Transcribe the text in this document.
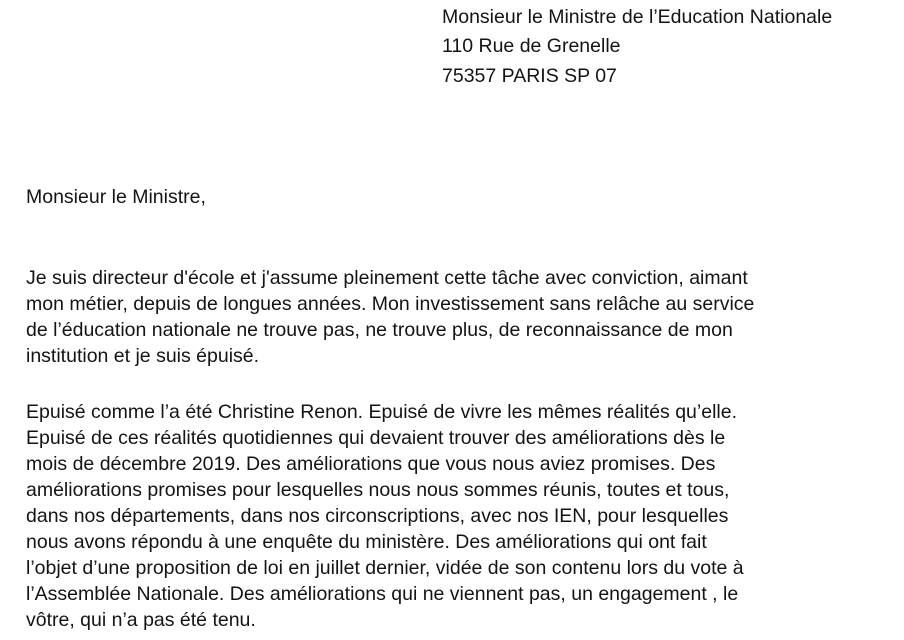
Monsieur le Ministre de l’Education Nationale
110 Rue de Grenelle
75357 PARIS SP 07
Monsieur le Ministre,
Je suis directeur d'école et j'assume pleinement cette tâche avec conviction, aimant
mon métier, depuis de longues années. Mon investissement sans relâche au service
de l’éducation nationale ne trouve pas, ne trouve plus, de reconnaissance de mon
institution et je suis épuisé.
Epuisé comme l’a été Christine Renon. Epuisé de vivre les mêmes réalités qu’elle.
Epuisé de ces réalités quotidiennes qui devaient trouver des améliorations dès le
mois de décembre 2019. Des améliorations que vous nous aviez promises. Des
améliorations promises pour lesquelles nous nous sommes réunis, toutes et tous,
dans nos départements, dans nos circonscriptions, avec nos IEN, pour lesquelles
nous avons répondu à une enquête du ministère. Des améliorations qui ont fait
l’objet d’une proposition de loi en juillet dernier, vidée de son contenu lors du vote à
l’Assemblée Nationale. Des améliorations qui ne viennent pas, un engagement , le
vôtre, qui n’a pas été tenu.
